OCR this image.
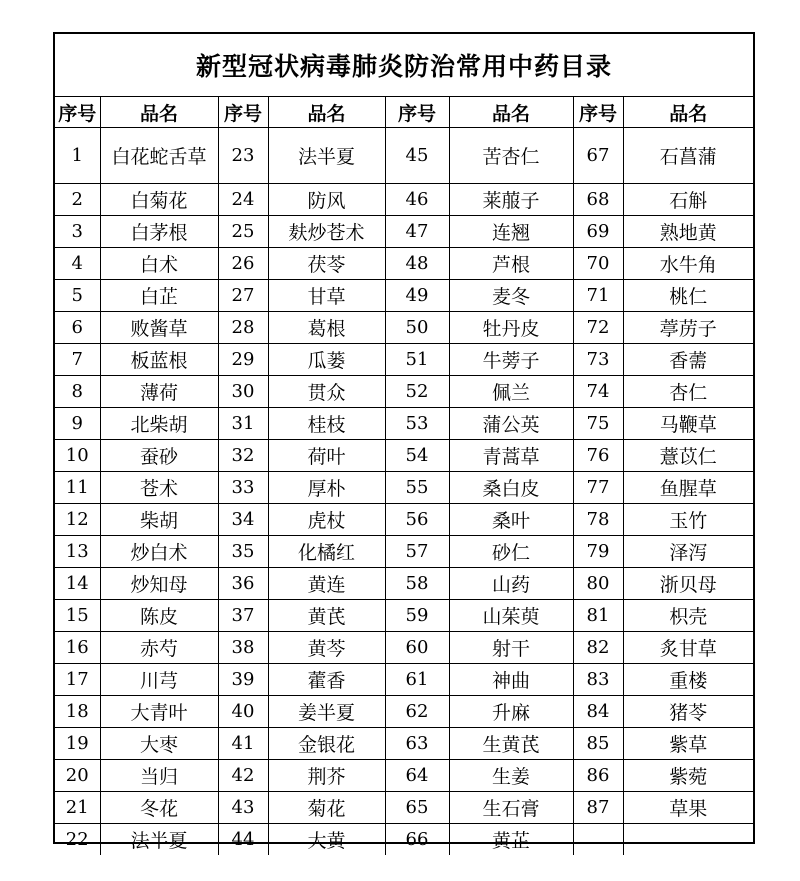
新型冠状病毒肺炎防治常用中药目录
序号	品名	序号	品名	序号	品名	序号	品名
1	白花蛇舌草	23	法半夏	45	苦杏仁	67	石菖蒲
2	白菊花	24	防风	46	莱菔子	68	石斛
3	白茅根	25	麸炒苍术	47	连翘	69	熟地黄
4	白术	26	茯苓	48	芦根	70	水牛角
5	白芷	27	甘草	49	麦冬	71	桃仁
6	败酱草	28	葛根	50	牡丹皮	72	葶苈子
7	板蓝根	29	瓜蒌	51	牛蒡子	73	香薷
8	薄荷	30	贯众	52	佩兰	74	杏仁
9	北柴胡	31	桂枝	53	蒲公英	75	马鞭草
10	蚕砂	32	荷叶	54	青蒿草	76	薏苡仁
11	苍术	33	厚朴	55	桑白皮	77	鱼腥草
12	柴胡	34	虎杖	56	桑叶	78	玉竹
13	炒白术	35	化橘红	57	砂仁	79	泽泻
14	炒知母	36	黄连	58	山药	80	浙贝母
15	陈皮	37	黄芪	59	山茱萸	81	枳壳
16	赤芍	38	黄芩	60	射干	82	炙甘草
17	川芎	39	藿香	61	神曲	83	重楼
18	大青叶	40	姜半夏	62	升麻	84	猪苓
19	大枣	41	金银花	63	生黄芪	85	紫草
20	当归	42	荆芥	64	生姜	86	紫菀
21	冬花	43	菊花	65	生石膏	87	草果
22	法半夏	44	大黄	66	黄芷		
